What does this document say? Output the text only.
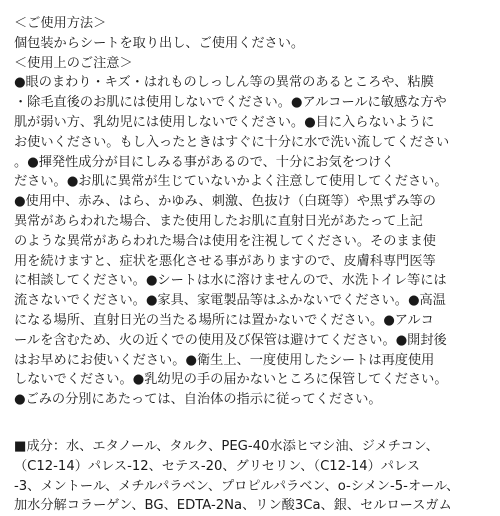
＜ご使用方法＞
個包装からシートを取り出し、ご使用ください。
＜使用上のご注意＞
●眼のまわり・キズ・はれものしっしん等の異常のあるところや、粘膜
・除毛直後のお肌には使用しないでください。●アルコールに敏感な方や
肌が弱い方、乳幼児には使用しないでください。●目に入らないように
お使いください。もし入ったときはすぐに十分に水で洗い流してください
。●揮発性成分が目にしみる事があるので、十分にお気をつけく
ださい。●お肌に異常が生じていないかよく注意して使用してください。
●使用中、赤み、はら、かゆみ、刺激、色抜け（白斑等）や黒ずみ等の
異常があらわれた場合、また使用したお肌に直射日光があたって上記
のような異常があらわれた場合は使用を注視してください。そのまま使
用を続けますと、症状を悪化させる事がありますので、皮膚科専門医等
に相談してください。●シートは水に溶けませんので、水洗トイレ等には
流さないでください。●家具、家電製品等はふかないでください。●高温
になる場所、直射日光の当たる場所には置かないでください。●アルコ
ールを含むため、火の近くでの使用及び保管は避けてください。●開封後
はお早めにお使いください。●衛生上、一度使用したシートは再度使用
しないでください。●乳幼児の手の届かないところに保管してください。
●ごみの分別にあたっては、自治体の指示に従ってください。
■成分：水、エタノール、タルク、PEG-40水添ヒマシ油、ジメチコン、
（C12-14）パレス-12、セテス-20、グリセリン、（C12-14）パレス
-3、メントール、メチルパラベン、プロピルパラベン、o-シメン-5-オール、
加水分解コラーゲン、BG、EDTA-2Na、リン酸3Ca、銀、セルロースガム
